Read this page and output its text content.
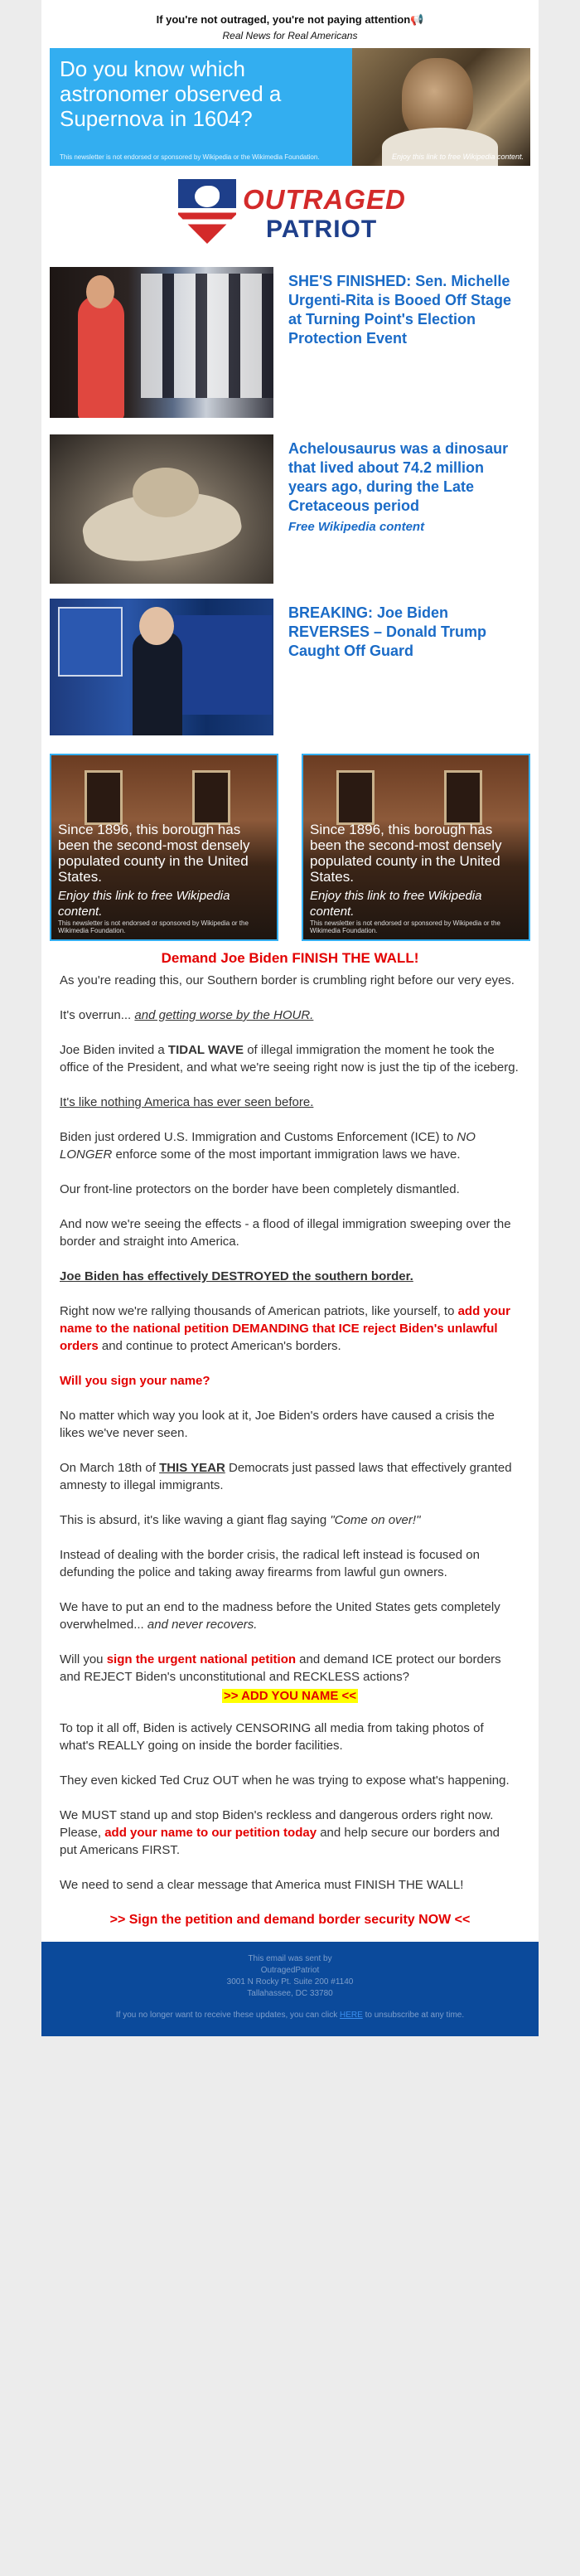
If you're not outraged, you're not paying attention📢
Real News for Real Americans
Do you know which astronomer observed a Supernova in 1604?
This newsletter is not endorsed or sponsored by Wikipedia or the Wikimedia Foundation.	Enjoy this link to free Wikipedia content.
OUTRAGED
PATRIOT
SHE'S FINISHED: Sen. Michelle Urgenti-Rita is Booed Off Stage at Turning Point's Election Protection Event
Achelousaurus was a dinosaur that lived about 74.2 million years ago, during the Late Cretaceous period
Free Wikipedia content
BREAKING: Joe Biden REVERSES – Donald Trump Caught Off Guard
Since 1896, this borough has been the second-most densely populated county in the United States.
Enjoy this link to free Wikipedia content.
This newsletter is not endorsed or sponsored by Wikipedia or the Wikimedia Foundation.
Since 1896, this borough has been the second-most densely populated county in the United States.
Enjoy this link to free Wikipedia content.
This newsletter is not endorsed or sponsored by Wikipedia or the Wikimedia Foundation.
Demand Joe Biden FINISH THE WALL!

As you're reading this, our Southern border is crumbling right before our very eyes.

It's overrun... and getting worse by the HOUR.

Joe Biden invited a TIDAL WAVE of illegal immigration the moment he took the office of the President, and what we're seeing right now is just the tip of the iceberg.

It's like nothing America has ever seen before.

Biden just ordered U.S. Immigration and Customs Enforcement (ICE) to NO LONGER enforce some of the most important immigration laws we have.

Our front-line protectors on the border have been completely dismantled.

And now we're seeing the effects - a flood of illegal immigration sweeping over the border and straight into America.

Joe Biden has effectively DESTROYED the southern border.

Right now we're rallying thousands of American patriots, like yourself, to add your name to the national petition DEMANDING that ICE reject Biden's unlawful orders and continue to protect American's borders.

Will you sign your name?

No matter which way you look at it, Joe Biden's orders have caused a crisis the likes we've never seen.

On March 18th of THIS YEAR Democrats just passed laws that effectively granted amnesty to illegal immigrants.

This is absurd, it's like waving a giant flag saying "Come on over!"

Instead of dealing with the border crisis, the radical left instead is focused on defunding the police and taking away firearms from lawful gun owners.

We have to put an end to the madness before the United States gets completely overwhelmed... and never recovers.

Will you sign the urgent national petition and demand ICE protect our borders and REJECT Biden's unconstitutional and RECKLESS actions?

>> ADD YOU NAME <<

To top it all off, Biden is actively CENSORING all media from taking photos of what's REALLY going on inside the border facilities.

They even kicked Ted Cruz OUT when he was trying to expose what's happening.

We MUST stand up and stop Biden's reckless and dangerous orders right now. Please, add your name to our petition today and help secure our borders and put Americans FIRST.

We need to send a clear message that America must FINISH THE WALL!

>> Sign the petition and demand border security NOW <<
This email was sent by
OutragedPatriot
3001 N Rocky Pt. Suite 200 #1140
Tallahassee, DC 33780
If you no longer want to receive these updates, you can click HERE to unsubscribe at any time.
